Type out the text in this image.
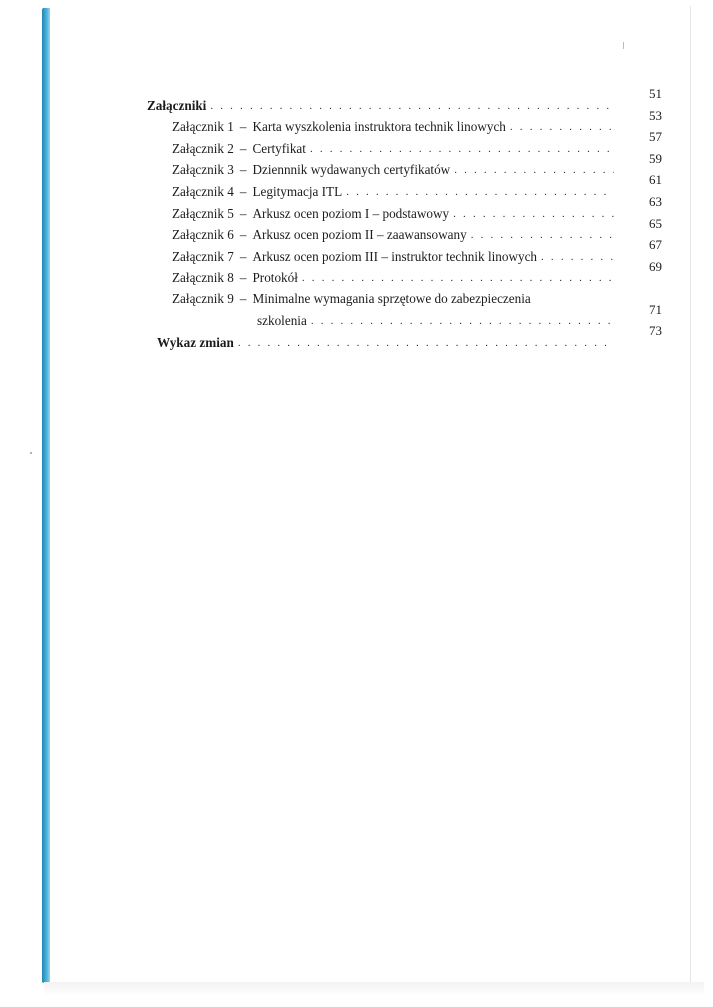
Załączniki
. . .
51
Załącznik 1 – Karta wyszkolenia instruktora technik linowych
. . .
53
Załącznik 2 – Certyfikat
. . .
57
Załącznik 3 – Dziennnik wydawanych certyfikatów
. . .
59
Załącznik 4 – Legitymacja ITL
. . .
61
Załącznik 5 – Arkusz ocen poziom I – podstawowy
. . .
63
Załącznik 6 – Arkusz ocen poziom II – zaawansowany
. . .
65
Załącznik 7 – Arkusz ocen poziom III – instruktor technik linowych
. . .
67
Załącznik 8 – Protokół
. . .
69
Załącznik 9 – Minimalne wymagania sprzętowe do zabezpieczenia
szkolenia
. . .
71
Wykaz zmian
. . .
73
